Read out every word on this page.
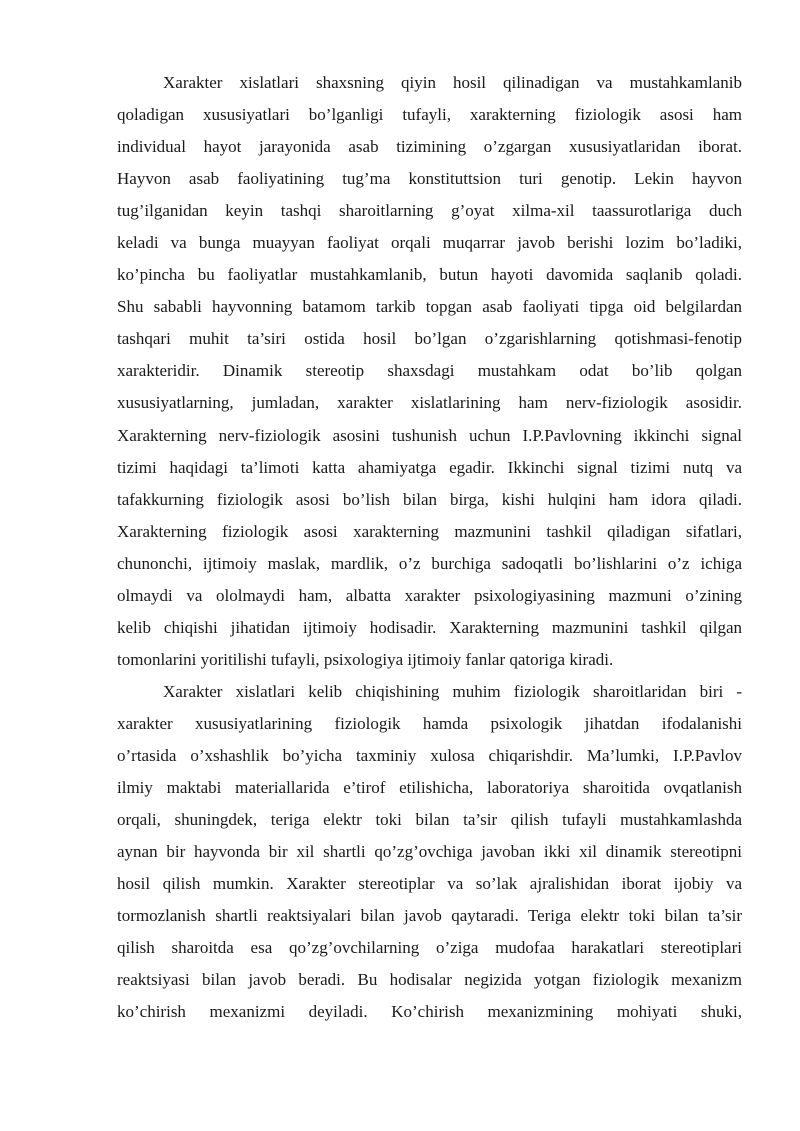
Xarakter xislatlari shaxsning qiyin hosil qilinadigan va mustahkamlanib
qoladigan xususiyatlari bo’lganligi tufayli, xarakterning fiziologik asosi ham
individual hayot jarayonida asab tizimining o’zgargan xususiyatlaridan iborat.
Hayvon asab faoliyatining tug’ma konstituttsion turi genotip. Lekin hayvon
tug’ilganidan keyin tashqi sharoitlarning g’oyat xilma-xil taassurotlariga duch
keladi va bunga muayyan faoliyat orqali muqarrar javob berishi lozim bo’ladiki,
ko’pincha bu faoliyatlar mustahkamlanib, butun hayoti davomida saqlanib qoladi.
Shu sababli hayvonning batamom tarkib topgan asab faoliyati tipga oid belgilardan
tashqari muhit ta’siri ostida hosil bo’lgan o’zgarishlarning qotishmasi-fenotip
xarakteridir. Dinamik stereotip shaxsdagi mustahkam odat bo’lib qolgan
xususiyatlarning, jumladan, xarakter xislatlarining ham nerv-fiziologik asosidir.
Xarakterning nerv-fiziologik asosini tushunish uchun I.P.Pavlovning ikkinchi signal
tizimi haqidagi ta’limoti katta ahamiyatga egadir. Ikkinchi signal tizimi nutq va
tafakkurning fiziologik asosi bo’lish bilan birga, kishi hulqini ham idora qiladi.
Xarakterning fiziologik asosi xarakterning mazmunini tashkil qiladigan sifatlari,
chunonchi, ijtimoiy maslak, mardlik, o’z burchiga sadoqatli bo’lishlarini o’z ichiga
olmaydi va ololmaydi ham, albatta xarakter psixologiyasining mazmuni o’zining
kelib chiqishi jihatidan ijtimoiy hodisadir. Xarakterning mazmunini tashkil qilgan
tomonlarini yoritilishi tufayli, psixologiya ijtimoiy fanlar qatoriga kiradi.
Xarakter xislatlari kelib chiqishining muhim fiziologik sharoitlaridan biri -
xarakter xususiyatlarining fiziologik hamda psixologik jihatdan ifodalanishi
o’rtasida o’xshashlik bo’yicha taxminiy xulosa chiqarishdir. Ma’lumki, I.P.Pavlov
ilmiy maktabi materiallarida e’tirof etilishicha, laboratoriya sharoitida ovqatlanish
orqali, shuningdek, teriga elektr toki bilan ta’sir qilish tufayli mustahkamlashda
aynan bir hayvonda bir xil shartli qo’zg’ovchiga javoban ikki xil dinamik stereotipni
hosil qilish mumkin. Xarakter stereotiplar va so’lak ajralishidan iborat ijobiy va
tormozlanish shartli reaktsiyalari bilan javob qaytaradi. Teriga elektr toki bilan ta’sir
qilish sharoitda esa qo’zg’ovchilarning o’ziga mudofaa harakatlari stereotiplari
reaktsiyasi bilan javob beradi. Bu hodisalar negizida yotgan fiziologik mexanizm
ko’chirish mexanizmi deyiladi. Ko’chirish mexanizmining mohiyati shuki,
